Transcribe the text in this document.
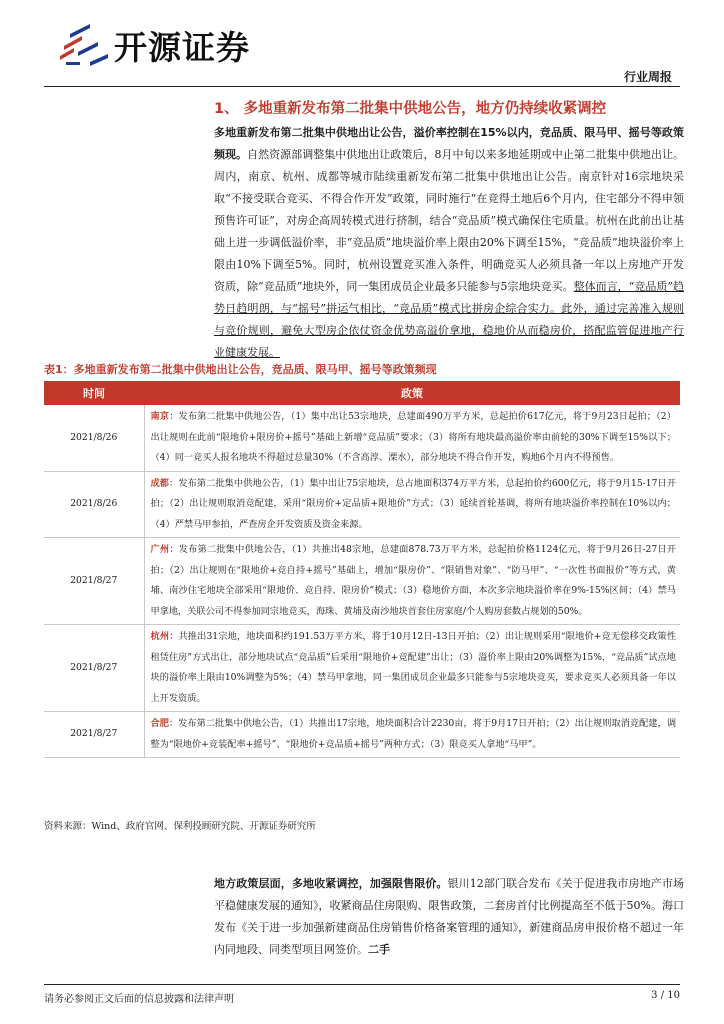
开源证券
行业周报
1、 多地重新发布第二批集中供地公告，地方仍持续收紧调控
多地重新发布第二批集中供地出让公告，溢价率控制在15%以内，竞品质、限马甲、摇号等政策频现。自然资源部调整集中供地出让政策后，8月中旬以来多地延期或中止第二批集中供地出让。周内，南京、杭州、成都等城市陆续重新发布第二批集中供地出让公告。南京针对16宗地块采取“不接受联合竞买、不得合作开发”政策，同时施行“在竞得土地后6个月内，住宅部分不得申领预售许可证”，对房企高周转模式进行挤制，结合“竞品质”模式确保住宅质量。杭州在此前出让基础上进一步调低溢价率，非“竞品质”地块溢价率上限由20%下调至15%，“竞品质”地块溢价率上限由10%下调至5%。同时，杭州设置竞买准入条件，明确竞买人必须具备一年以上房地产开发资质，除“竞品质”地块外，同一集团成员企业最多只能参与5宗地块竞买。整体而言，“竞品质”趋势日趋明朗，与“摇号”拼运气相比，“竞品质”模式比拼房企综合实力。此外，通过完善准入规则与竞价规则，避免大型房企依仗资金优势高溢价拿地，稳地价从而稳房价，搭配监管促进地产行业健康发展。
表1：多地重新发布第二批集中供地出让公告，竞品质、限马甲、摇号等政策频现
时间	政策
2021/8/26	南京：发布第二批集中供地公告，（1）集中出让53宗地块，总建面490万平方米，总起拍价617亿元，将于9月23日起拍；（2）出让规则在此前“限地价+限房价+摇号”基础上新增“竞品质”要求；（3）将所有地块最高溢价率由前轮的30%下调至15%以下；（4）同一竞买人报名地块不得超过总量30%（不含高淳、溧水），部分地块不得合作开发，购地6个月内不得预售。
2021/8/26	成都：发布第二批集中供地公告，（1）集中出让75宗地块，总占地面积374万平方米，总起拍价约600亿元，将于9月15-17日开拍；（2）出让规则取消竞配建，采用“限房价+定品质+限地价”方式；（3）延续首轮基调，将所有地块溢价率控制在10%以内；（4）严禁马甲参拍，严查房企开发资质及资金来源。
2021/8/27	广州：发布第二批集中供地公告，（1）共推出48宗地，总建面878.73万平方米，总起拍价格1124亿元，将于9月26日-27日开拍；（2）出让规则在“限地价+竞自持+摇号”基础上，增加“限房价”、“限销售对象”、“防马甲”、“一次性书面报价”等方式，黄埔、南沙住宅地块全部采用“限地价、竞自持、限房价”模式；（3）稳地价方面，本次多宗地块溢价率在9%-15%区间；（4）禁马甲拿地，关联公司不得参加同宗地竞买，海珠、黄埔及南沙地块首套住房家庭/个人购房套数占规划的50%。
2021/8/27	杭州：共推出31宗地，地块面积约191.53万平方米，将于10月12日-13日开拍；（2）出让规则采用“限地价+竞无偿移交政策性租赁住房”方式出让，部分地块试点“竞品质”后采用“限地价+竞配建”出让；（3）溢价率上限由20%调整为15%，“竞品质”试点地块的溢价率上限由10%调整为5%；（4）禁马甲拿地，同一集团成员企业最多只能参与5宗地块竞买，要求竞买人必须具备一年以上开发资质。
2021/8/27	合肥：发布第二批集中供地公告，（1）共推出17宗地，地块面积合计2230亩，将于9月17日开拍；（2）出让规则取消竞配建，调整为“限地价+竞装配率+摇号”、“限地价+竞品质+摇号”两种方式；（3）限竞买人拿地“马甲”。
资料来源：Wind、政府官网、保利投顾研究院、开源证券研究所
地方政策层面，多地收紧调控，加强限售限价。银川12部门联合发布《关于促进我市房地产市场平稳健康发展的通知》，收紧商品住房限购、限售政策，二套房首付比例提高至不低于50%。海口发布《关于进一步加强新建商品住房销售价格备案管理的通知》，新建商品房申报价格不超过一年内同地段、同类型项目网签价。二手
请务必参阅正文后面的信息披露和法律声明	3 / 10
